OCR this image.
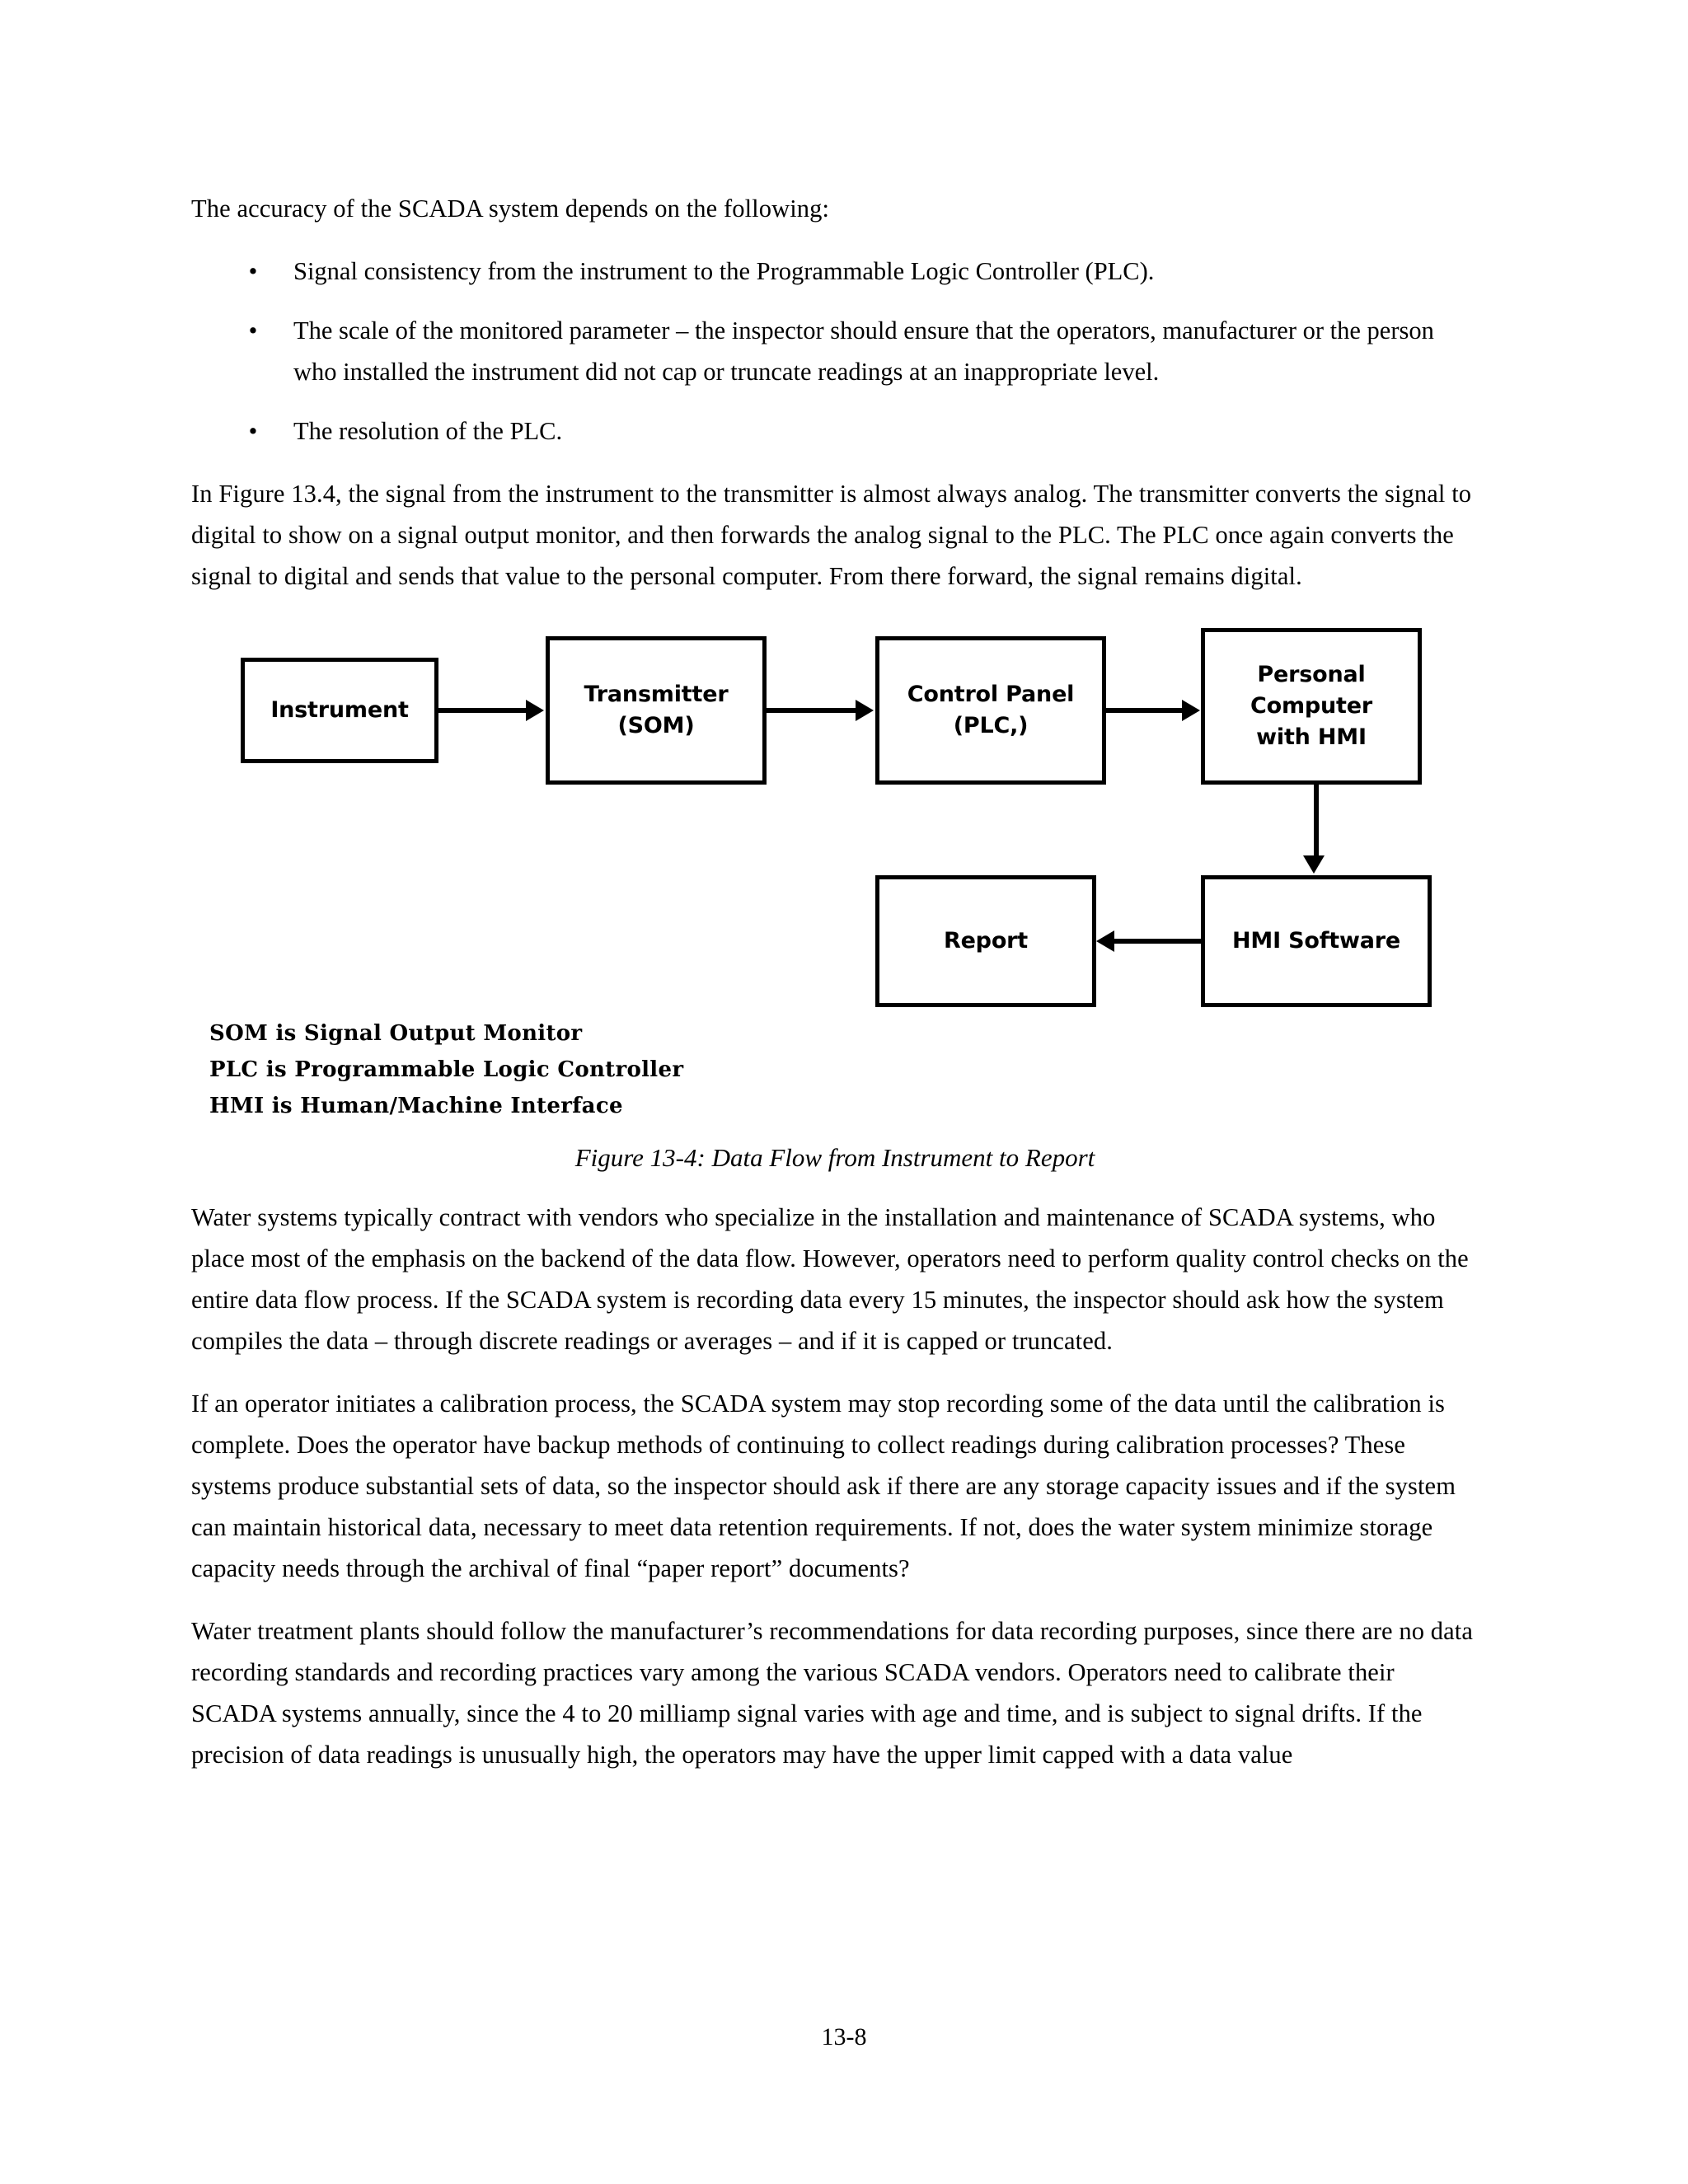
The accuracy of the SCADA system depends on the following:

• Signal consistency from the instrument to the Programmable Logic Controller (PLC).
• The scale of the monitored parameter – the inspector should ensure that the operators, manufacturer or the person who installed the instrument did not cap or truncate readings at an inappropriate level.
• The resolution of the PLC.

In Figure 13.4, the signal from the instrument to the transmitter is almost always analog. The transmitter converts the signal to digital to show on a signal output monitor, and then forwards the analog signal to the PLC. The PLC once again converts the signal to digital and sends that value to the personal computer. From there forward, the signal remains digital.

Instrument
Transmitter
(SOM)
Control Panel
(PLC,)
Personal
Computer
with HMI
Report	HMI Software
SOM is Signal Output Monitor
PLC is Programmable Logic Controller
HMI is Human/Machine Interface
Figure 13-4: Data Flow from Instrument to Report

Water systems typically contract with vendors who specialize in the installation and maintenance of SCADA systems, who place most of the emphasis on the backend of the data flow. However, operators need to perform quality control checks on the entire data flow process. If the SCADA system is recording data every 15 minutes, the inspector should ask how the system compiles the data – through discrete readings or averages – and if it is capped or truncated.

If an operator initiates a calibration process, the SCADA system may stop recording some of the data until the calibration is complete. Does the operator have backup methods of continuing to collect readings during calibration processes? These systems produce substantial sets of data, so the inspector should ask if there are any storage capacity issues and if the system can maintain historical data, necessary to meet data retention requirements. If not, does the water system minimize storage capacity needs through the archival of final “paper report” documents?

Water treatment plants should follow the manufacturer’s recommendations for data recording purposes, since there are no data recording standards and recording practices vary among the various SCADA vendors. Operators need to calibrate their SCADA systems annually, since the 4 to 20 milliamp signal varies with age and time, and is subject to signal drifts. If the precision of data readings is unusually high, the operators may have the upper limit capped with a data value

13-8
